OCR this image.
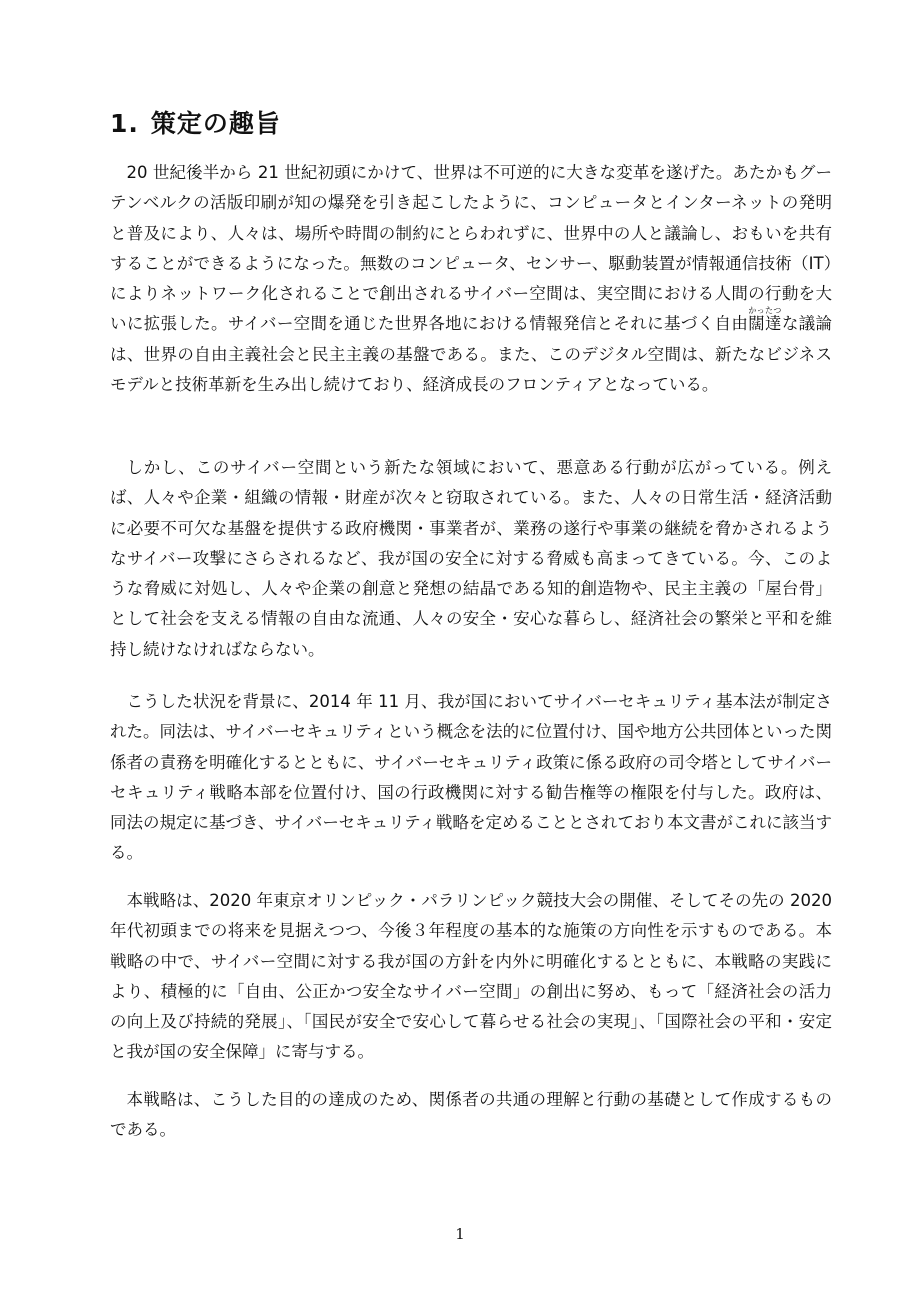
1. 策定の趣旨

20 世紀後半から 21 世紀初頭にかけて、世界は不可逆的に大きな変革を遂げた。あたかもグーテンベルクの活版印刷が知の爆発を引き起こしたように、コンピュータとインターネットの発明と普及により、人々は、場所や時間の制約にとらわれずに、世界中の人と議論し、おもいを共有することができるようになった。無数のコンピュータ、センサー、駆動装置が情報通信技術（IT）によりネットワーク化されることで創出されるサイバー空間は、実空間における人間の行動を大いに拡張した。サイバー空間を通じた世界各地における情報発信とそれに基づく自由闊達かったつな議論は、世界の自由主義社会と民主主義の基盤である。また、このデジタル空間は、新たなビジネスモデルと技術革新を生み出し続けており、経済成長のフロンティアとなっている。

しかし、このサイバー空間という新たな領域において、悪意ある行動が広がっている。例えば、人々や企業・組織の情報・財産が次々と窃取されている。また、人々の日常生活・経済活動に必要不可欠な基盤を提供する政府機関・事業者が、業務の遂行や事業の継続を脅かされるようなサイバー攻撃にさらされるなど、我が国の安全に対する脅威も高まってきている。今、このような脅威に対処し、人々や企業の創意と発想の結晶である知的創造物や、民主主義の「屋台骨」として社会を支える情報の自由な流通、人々の安全・安心な暮らし、経済社会の繁栄と平和を維持し続けなければならない。

こうした状況を背景に、2014 年 11 月、我が国においてサイバーセキュリティ基本法が制定された。同法は、サイバーセキュリティという概念を法的に位置付け、国や地方公共団体といった関係者の責務を明確化するとともに、サイバーセキュリティ政策に係る政府の司令塔としてサイバーセキュリティ戦略本部を位置付け、国の行政機関に対する勧告権等の権限を付与した。政府は、同法の規定に基づき、サイバーセキュリティ戦略を定めることとされており本文書がこれに該当する。

本戦略は、2020 年東京オリンピック・パラリンピック競技大会の開催、そしてその先の 2020 年代初頭までの将来を見据えつつ、今後３年程度の基本的な施策の方向性を示すものである。本戦略の中で、サイバー空間に対する我が国の方針を内外に明確化するとともに、本戦略の実践により、積極的に「自由、公正かつ安全なサイバー空間」の創出に努め、もって「経済社会の活力の向上及び持続的発展」、「国民が安全で安心して暮らせる社会の実現」、「国際社会の平和・安定と我が国の安全保障」に寄与する。

本戦略は、こうした目的の達成のため、関係者の共通の理解と行動の基礎として作成するものである。

1
